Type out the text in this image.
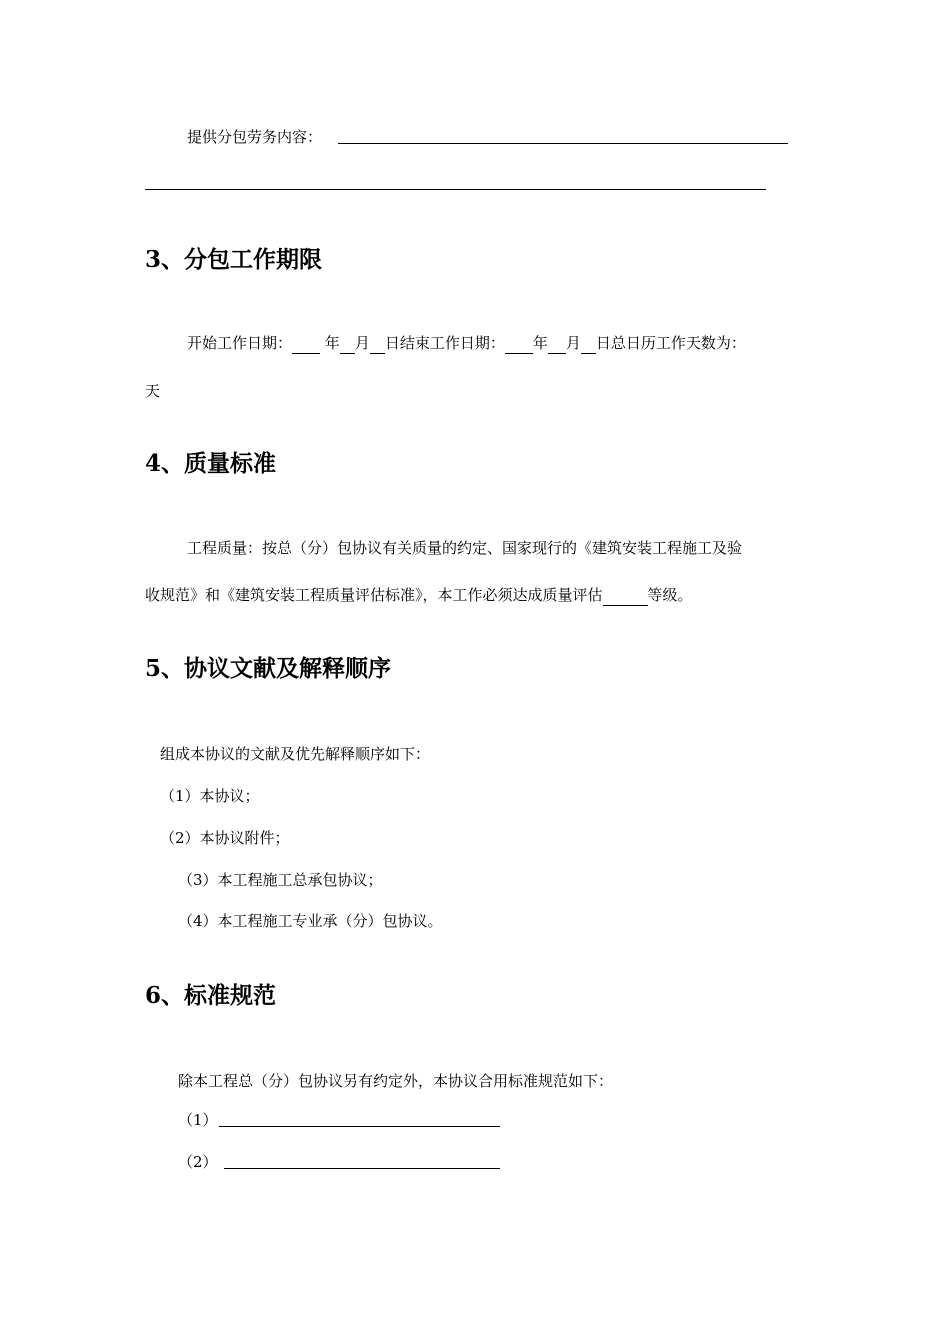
提供分包劳务内容：
3、分包工作期限
开始工作日期： 年 月 日结束工作日期： 年 月 日总日历工作天数为：
天
4、质量标准
工程质量：按总（分）包协议有关质量的约定、国家现行的《建筑安装工程施工及验
收规范》和《建筑安装工程质量评估标准》，本工作必须达成质量评估	等级。
5、协议文献及解释顺序
组成本协议的文献及优先解释顺序如下：
（1）本协议；
（2）本协议附件；
（3）本工程施工总承包协议；
（4）本工程施工专业承（分）包协议。
6、标准规范
除本工程总（分）包协议另有约定外，本协议合用标准规范如下：
（1）
（2）
